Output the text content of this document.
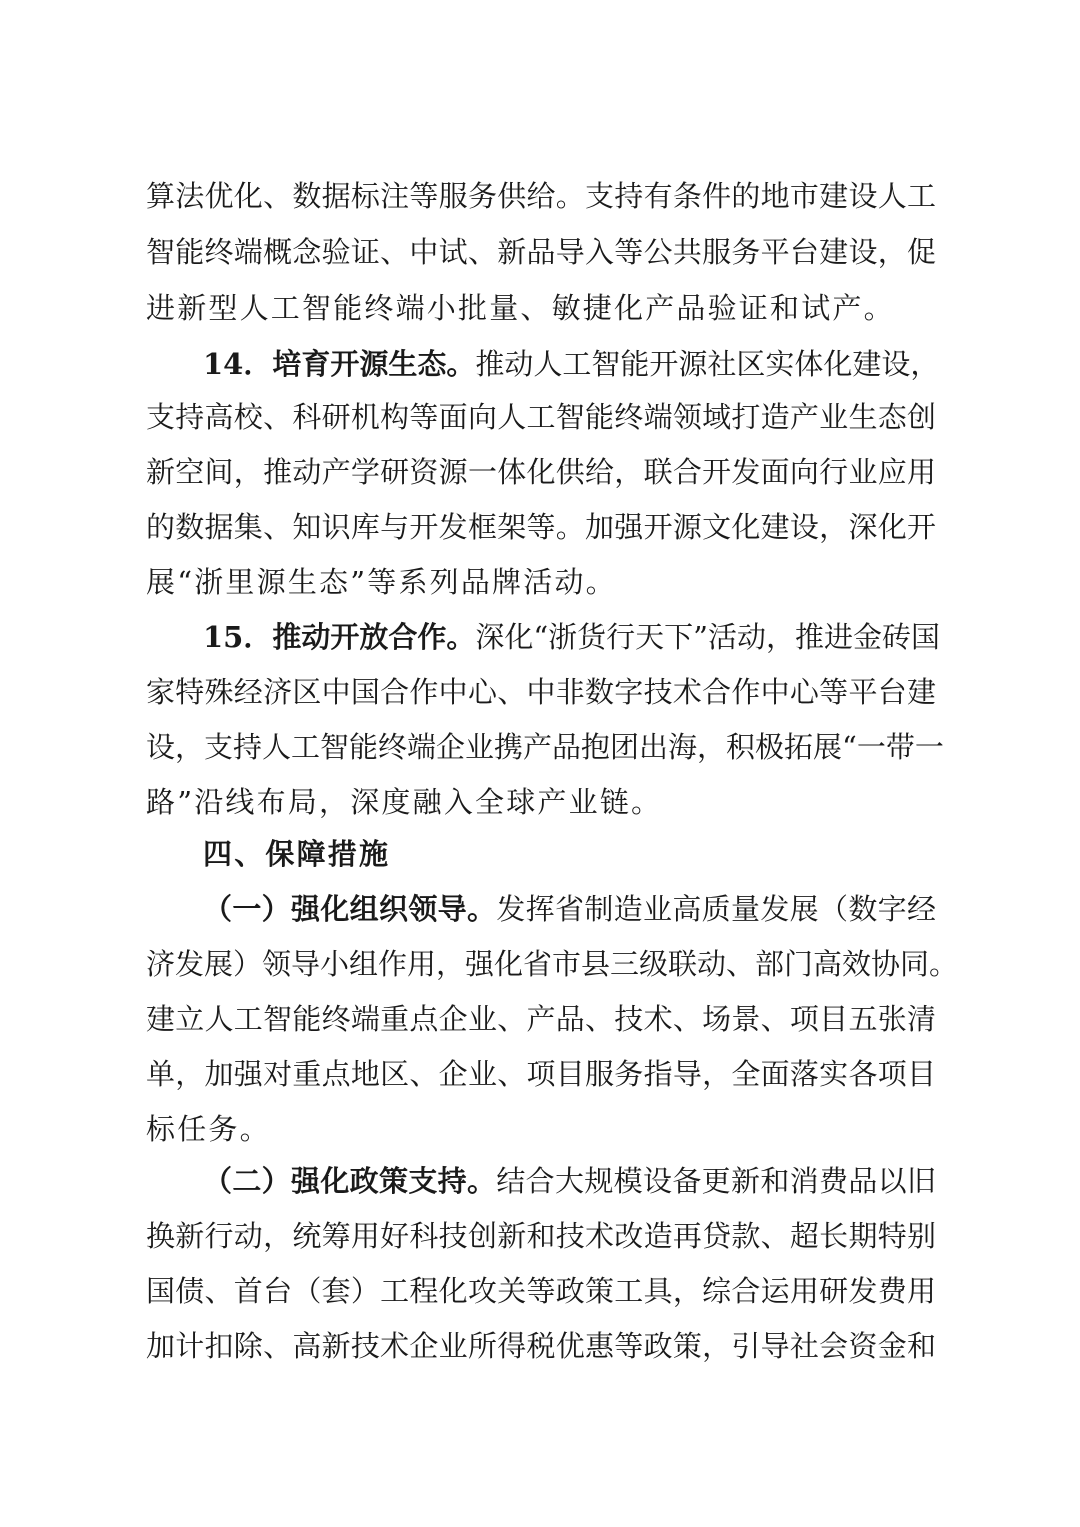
算法优化、数据标注等服务供给。支持有条件的地市建设人工
智能终端概念验证、中试、新品导入等公共服务平台建设，促
进新型人工智能终端小批量、敏捷化产品验证和试产。
14．培育开源生态。推动人工智能开源社区实体化建设，
支持高校、科研机构等面向人工智能终端领域打造产业生态创
新空间，推动产学研资源一体化供给，联合开发面向行业应用
的数据集、知识库与开发框架等。加强开源文化建设，深化开
展“浙里源生态”等系列品牌活动。
15．推动开放合作。深化“浙货行天下”活动，推进金砖国
家特殊经济区中国合作中心、中非数字技术合作中心等平台建
设，支持人工智能终端企业携产品抱团出海，积极拓展“一带一
路”沿线布局，深度融入全球产业链。
四、保障措施
（一）强化组织领导。发挥省制造业高质量发展（数字经
济发展）领导小组作用，强化省市县三级联动、部门高效协同。
建立人工智能终端重点企业、产品、技术、场景、项目五张清
单，加强对重点地区、企业、项目服务指导，全面落实各项目
标任务。
（二）强化政策支持。结合大规模设备更新和消费品以旧
换新行动，统筹用好科技创新和技术改造再贷款、超长期特别
国债、首台（套）工程化攻关等政策工具，综合运用研发费用
加计扣除、高新技术企业所得税优惠等政策，引导社会资金和
